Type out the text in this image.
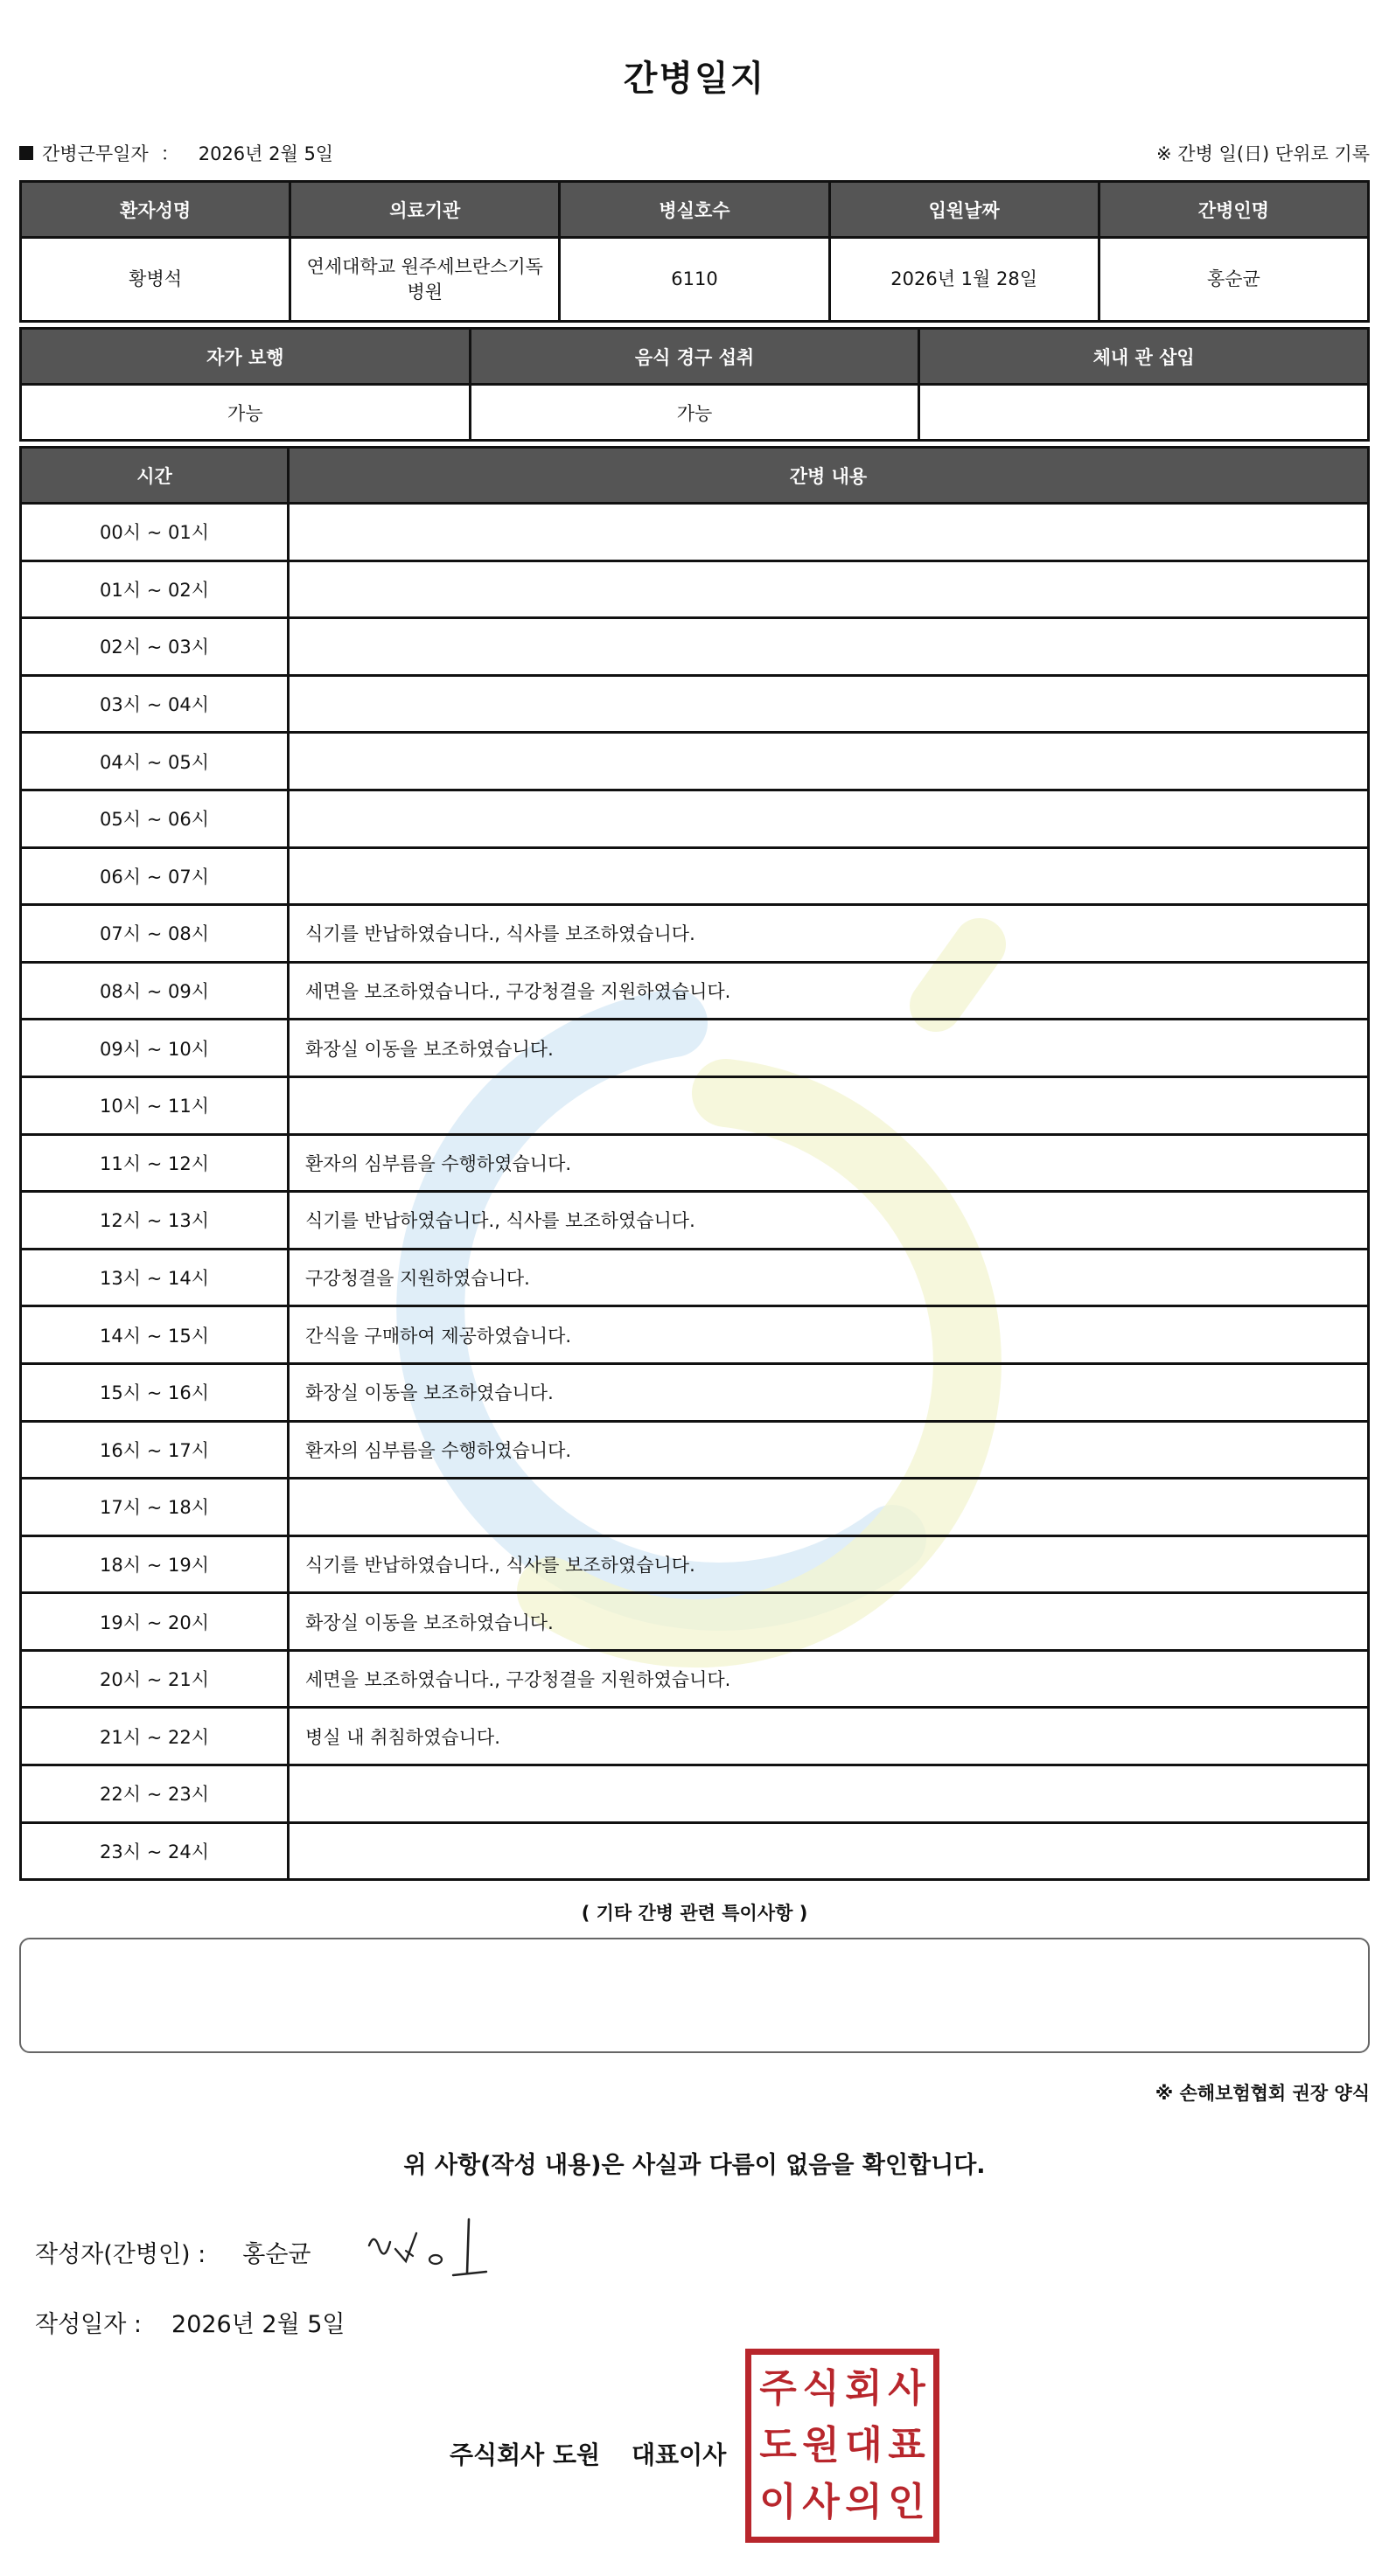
간병일지
간병근무일자 ： 2026년 2월 5일	※ 간병 일(日) 단위로 기록
환자성명	의료기관	병실호수	입원날짜	간병인명
황병석	연세대학교 원주세브란스기독병원	6110	2026년 1월 28일	홍순균
자가 보행	음식 경구 섭취	체내 관 삽입
가능	가능	
시간	간병 내용
00시 ~ 01시	
01시 ~ 02시	
02시 ~ 03시	
03시 ~ 04시	
04시 ~ 05시	
05시 ~ 06시	
06시 ~ 07시	
07시 ~ 08시	식기를 반납하였습니다., 식사를 보조하였습니다.
08시 ~ 09시	세면을 보조하였습니다., 구강청결을 지원하였습니다.
09시 ~ 10시	화장실 이동을 보조하였습니다.
10시 ~ 11시	
11시 ~ 12시	환자의 심부름을 수행하였습니다.
12시 ~ 13시	식기를 반납하였습니다., 식사를 보조하였습니다.
13시 ~ 14시	구강청결을 지원하였습니다.
14시 ~ 15시	간식을 구매하여 제공하였습니다.
15시 ~ 16시	화장실 이동을 보조하였습니다.
16시 ~ 17시	환자의 심부름을 수행하였습니다.
17시 ~ 18시	
18시 ~ 19시	식기를 반납하였습니다., 식사를 보조하였습니다.
19시 ~ 20시	화장실 이동을 보조하였습니다.
20시 ~ 21시	세면을 보조하였습니다., 구강청결을 지원하였습니다.
21시 ~ 22시	병실 내 취침하였습니다.
22시 ~ 23시	
23시 ~ 24시	
( 기타 간병 관련 특이사항 )
※ 손해보험협회 권장 양식
위 사항(작성 내용)은 사실과 다름이 없음을 확인합니다.
작성자(간병인) : 홍순균
작성일자 : 2026년 2월 5일
주식회사 도원 대표이사
주 식 회 사
도 원 대 표
이 사 의 인
